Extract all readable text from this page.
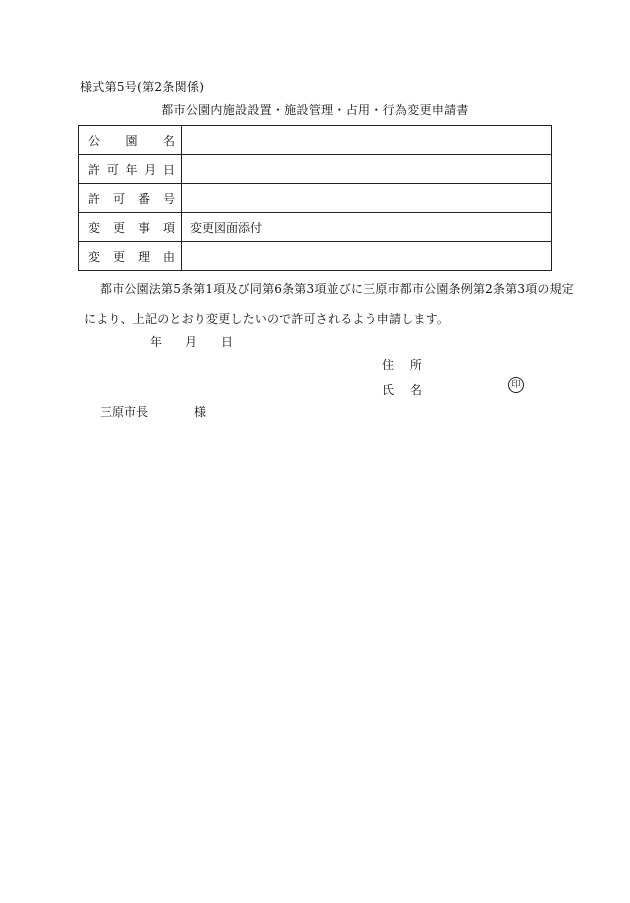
様式第5号(第2条関係)
都市公園内施設設置・施設管理・占用・行為変更申請書
公 園 名	

許 可 年 月 日	

許 可 番 号	

変 更 事 項	変更図面添付

変 更 理 由	

都市公園法第5条第1項及び同第6条第3項並びに三原市都市公園条例第2条第3項の規定
により、上記のとおり変更したいので許可されるよう申請します。
年 月 日
住 所
氏 名	印
三原市長	様
